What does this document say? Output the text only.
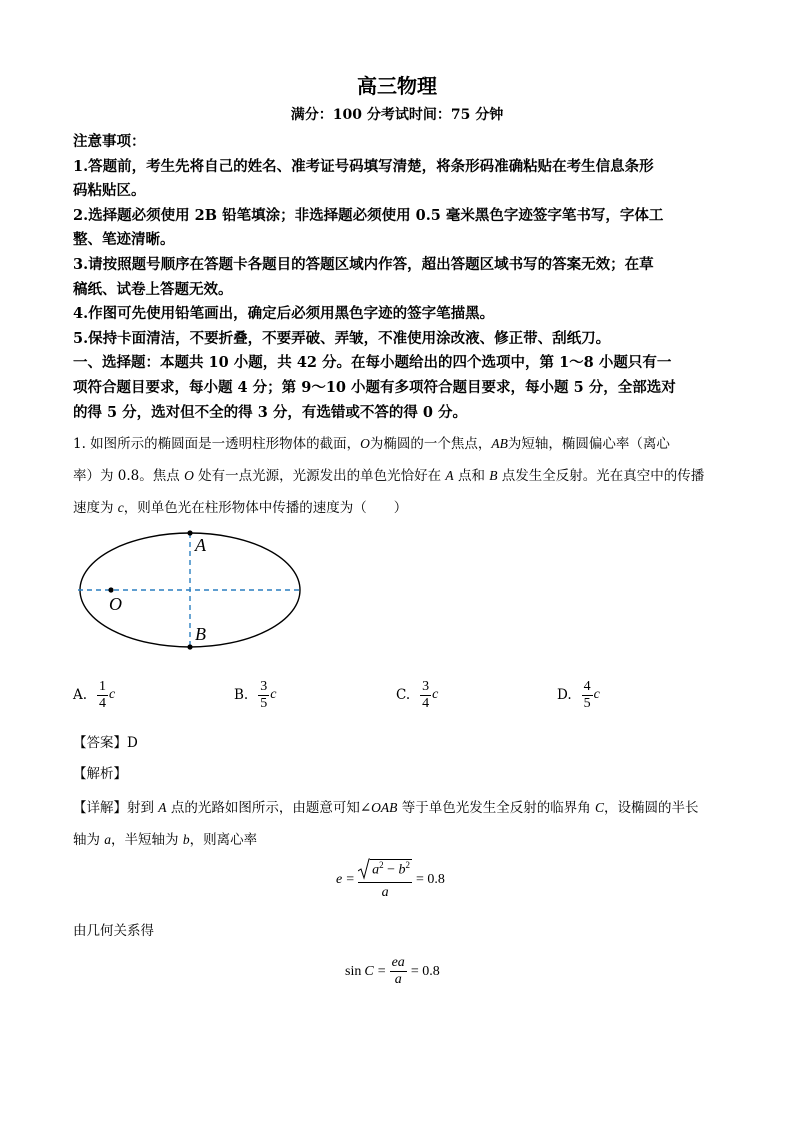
高三物理
满分：100 分考试时间：75 分钟

注意事项：

1.答题前，考生先将自己的姓名、准考证号码填写清楚，将条形码准确粘贴在考生信息条形

码粘贴区。

2.选择题必须使用 2B 铅笔填涂；非选择题必须使用 0.5 毫米黑色字迹签字笔书写，字体工

整、笔迹清晰。

3.请按照题号顺序在答题卡各题目的答题区域内作答，超出答题区域书写的答案无效；在草

稿纸、试卷上答题无效。

4.作图可先使用铅笔画出，确定后必须用黑色字迹的签字笔描黑。

5.保持卡面清洁，不要折叠，不要弄破、弄皱，不准使用涂改液、修正带、刮纸刀。

一、选择题：本题共 10 小题，共 42 分。在每小题给出的四个选项中，第 1～8 小题只有一

项符合题目要求，每小题 4 分；第 9～10 小题有多项符合题目要求，每小题 5 分，全部选对

的得 5 分，选对但不全的得 3 分，有选错或不答的得 0 分。

1. 如图所示的椭圆面是一透明柱形物体的截面，O为椭圆的一个焦点，AB为短轴，椭圆偏心率（离心

率）为 0.8。焦点 O 处有一点光源，光源发出的单色光恰好在 A 点和 B 点发生全反射。光在真空中的传播

速度为 c，则单色光在柱形物体中传播的速度为（　　）

A
B
O
A. $\frac{1}{4}$ c	B. $\frac{3}{5}$ c	C. $\frac{3}{4}$ c	D. $\frac{4}{5}$ c
【答案】D
【解析】

【详解】射到 A 点的光路如图所示，由题意可知∠OAB 等于单色光发生全反射的临界角 C，设椭圆的半长

轴为 a，半短轴为 b，则离心率

$e = \frac{a^2 - b^2}{a} = 0.8$
由几何关系得
$\sin C = \frac{ea}{a} = 0.8$
